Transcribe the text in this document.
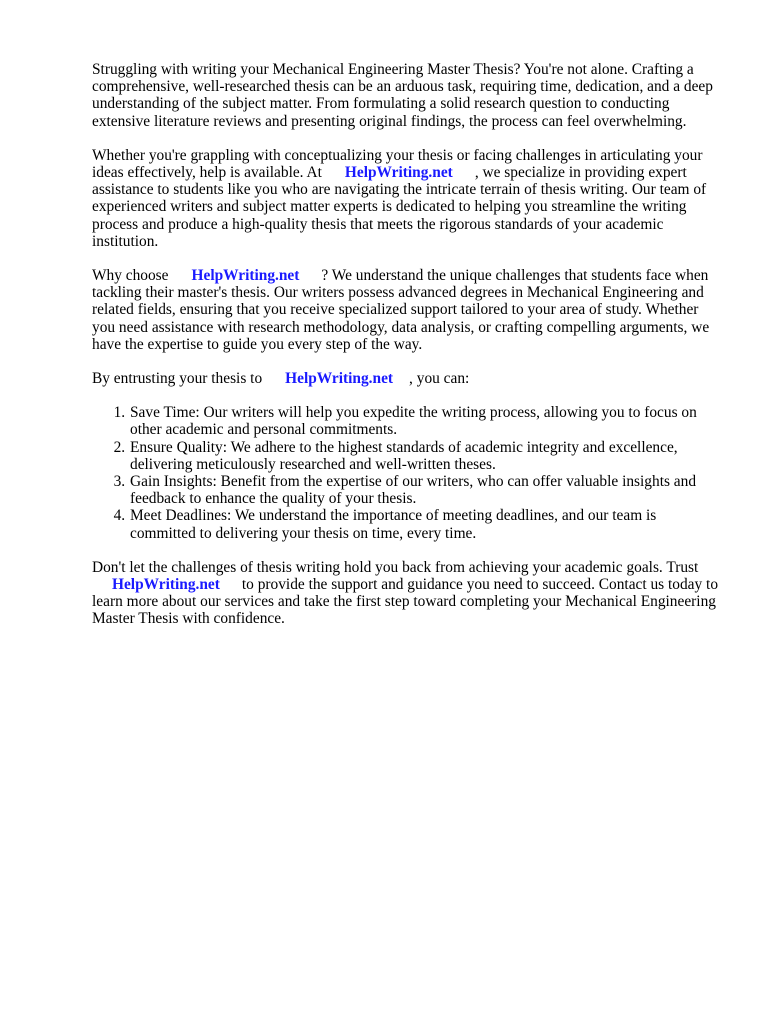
Struggling with writing your Mechanical Engineering Master Thesis? You're not alone. Crafting a comprehensive, well-researched thesis can be an arduous task, requiring time, dedication, and a deep understanding of the subject matter. From formulating a solid research question to conducting extensive literature reviews and presenting original findings, the process can feel overwhelming.

Whether you're grappling with conceptualizing your thesis or facing challenges in articulating your ideas effectively, help is available. At HelpWriting.net , we specialize in providing expert assistance to students like you who are navigating the intricate terrain of thesis writing. Our team of experienced writers and subject matter experts is dedicated to helping you streamline the writing process and produce a high-quality thesis that meets the rigorous standards of your academic institution.

Why choose HelpWriting.net ? We understand the unique challenges that students face when tackling their master's thesis. Our writers possess advanced degrees in Mechanical Engineering and related fields, ensuring that you receive specialized support tailored to your area of study. Whether you need assistance with research methodology, data analysis, or crafting compelling arguments, we have the expertise to guide you every step of the way.

By entrusting your thesis to HelpWriting.net , you can:

1. Save Time: Our writers will help you expedite the writing process, allowing you to focus on other academic and personal commitments.
2. Ensure Quality: We adhere to the highest standards of academic integrity and excellence, delivering meticulously researched and well-written theses.
3. Gain Insights: Benefit from the expertise of our writers, who can offer valuable insights and feedback to enhance the quality of your thesis.
4. Meet Deadlines: We understand the importance of meeting deadlines, and our team is committed to delivering your thesis on time, every time.

Don't let the challenges of thesis writing hold you back from achieving your academic goals. Trust
HelpWriting.net to provide the support and guidance you need to succeed. Contact us today to learn more about our services and take the first step toward completing your Mechanical Engineering Master Thesis with confidence.
